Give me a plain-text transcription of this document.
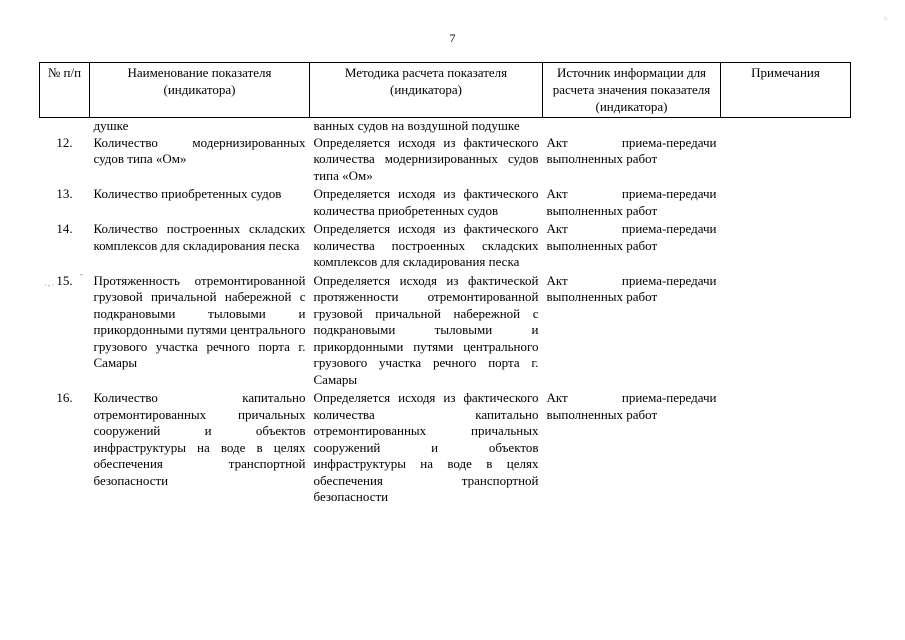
▫
7
№ п/п	Наименование показателя (индикатора)	Методика расчета показателя (индикатора)	Источник информации для расчета значения показателя (индикатора)	Примечания
	душке	ванных судов на воздушной подушке		
12.	Количество модернизированных судов типа «Ом»	Определяется исходя из фактического количества модернизированных судов типа «Ом»	Акт приема-передачи выполненных работ	
13.	Количество приобретенных судов	Определяется исходя из фактического количества приобретенных судов	Акт приема-передачи выполненных работ	
14.	Количество построенных складских комплексов для складирования песка	Определяется исходя из фактического количества построенных складских комплексов для складирования песка	Акт приема-передачи выполненных работ	
15.	Протяженность отремонтированной грузовой причальной набережной с подкрановыми тыловыми и прикордонными путями центрального грузового участка речного порта г. Самары	Определяется исходя из фактической протяженности отремонтированной грузовой причальной набережной с подкрановыми тыловыми и прикордонными путями центрального грузового участка речного порта г. Самары	Акт приема-передачи выполненных работ	
16.	Количество капитально отремонтированных причальных сооружений и объектов инфраструктуры на воде в целях обеспечения транспортной безопасности	Определяется исходя из фактического количества капитально отремонтированных причальных сооружений и объектов инфраструктуры на воде в целях обеспечения транспортной безопасности	Акт приема-передачи выполненных работ	
-
·-·
